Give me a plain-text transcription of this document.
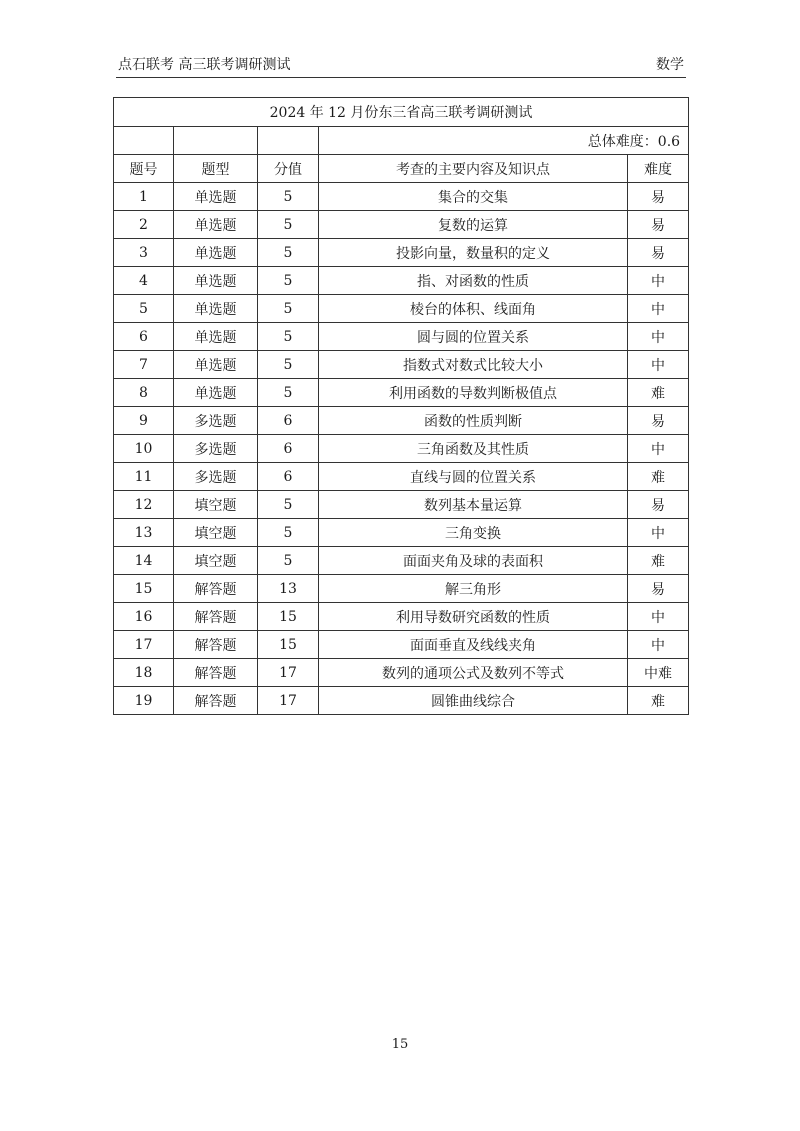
点石联考 高三联考调研测试	数学
2024 年 12 月份东三省高三联考调研测试				
			总体难度：0.6	
题号	题型	分值	考查的主要内容及知识点	难度
1	单选题	5	集合的交集	易
2	单选题	5	复数的运算	易
3	单选题	5	投影向量，数量积的定义	易
4	单选题	5	指、对函数的性质	中
5	单选题	5	棱台的体积、线面角	中
6	单选题	5	圆与圆的位置关系	中
7	单选题	5	指数式对数式比较大小	中
8	单选题	5	利用函数的导数判断极值点	难
9	多选题	6	函数的性质判断	易
10	多选题	6	三角函数及其性质	中
11	多选题	6	直线与圆的位置关系	难
12	填空题	5	数列基本量运算	易
13	填空题	5	三角变换	中
14	填空题	5	面面夹角及球的表面积	难
15	解答题	13	解三角形	易
16	解答题	15	利用导数研究函数的性质	中
17	解答题	15	面面垂直及线线夹角	中
18	解答题	17	数列的通项公式及数列不等式	中难
19	解答题	17	圆锥曲线综合	难
15
